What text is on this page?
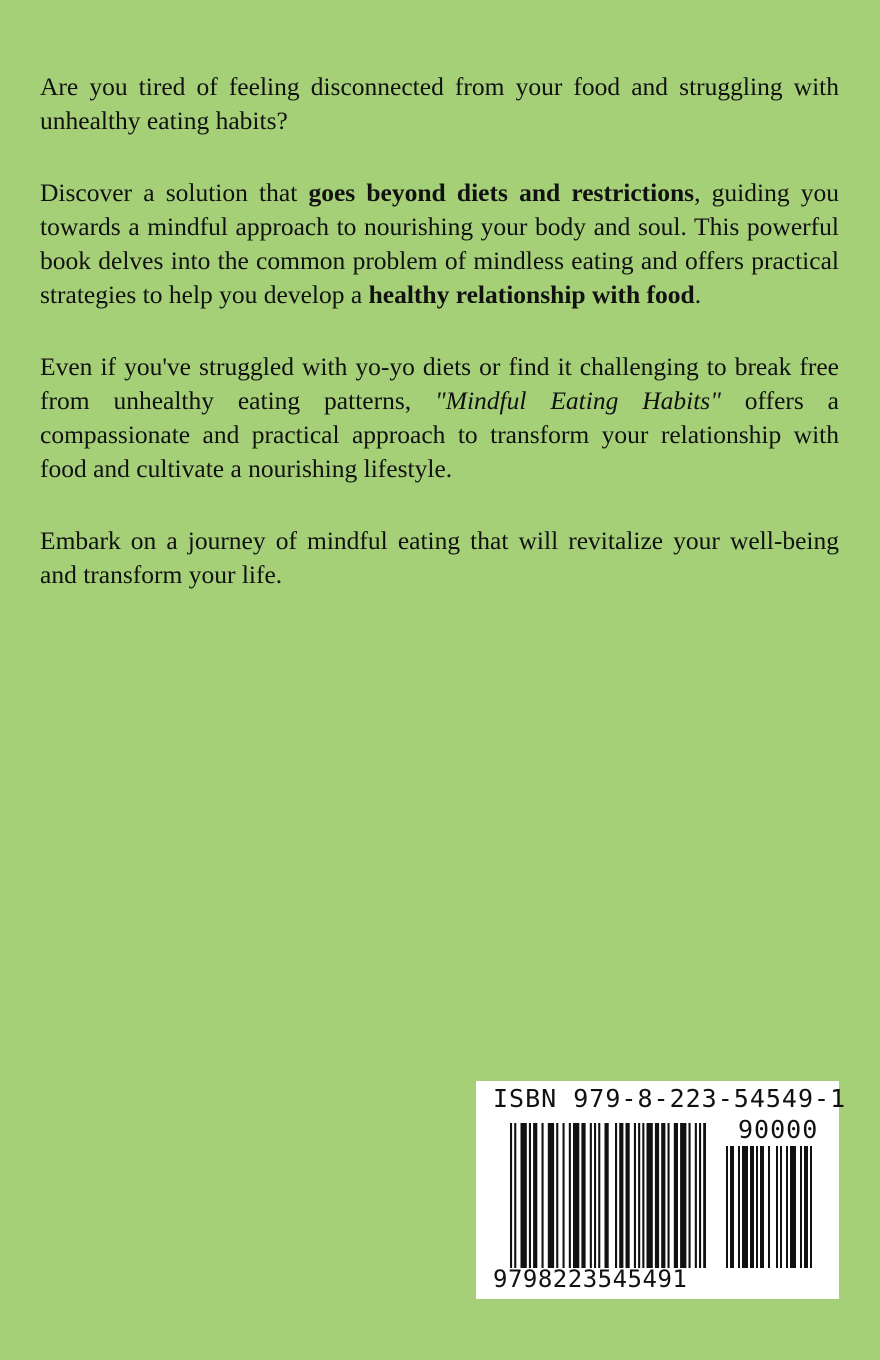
Are you tired of feeling disconnected from your food and struggling with unhealthy eating habits?

Discover a solution that goes beyond diets and restrictions, guiding you towards a mindful approach to nourishing your body and soul. This powerful book delves into the common problem of mindless eating and offers practical strategies to help you develop a healthy relationship with food.

Even if you've struggled with yo-yo diets or find it challenging to break free from unhealthy eating patterns, "Mindful Eating Habits" offers a compassionate and practical approach to transform your relationship with food and cultivate a nourishing lifestyle.

Embark on a journey of mindful eating that will revitalize your well-being and transform your life.

ISBN 979-8-223-54549-1
90000
9798223545491
